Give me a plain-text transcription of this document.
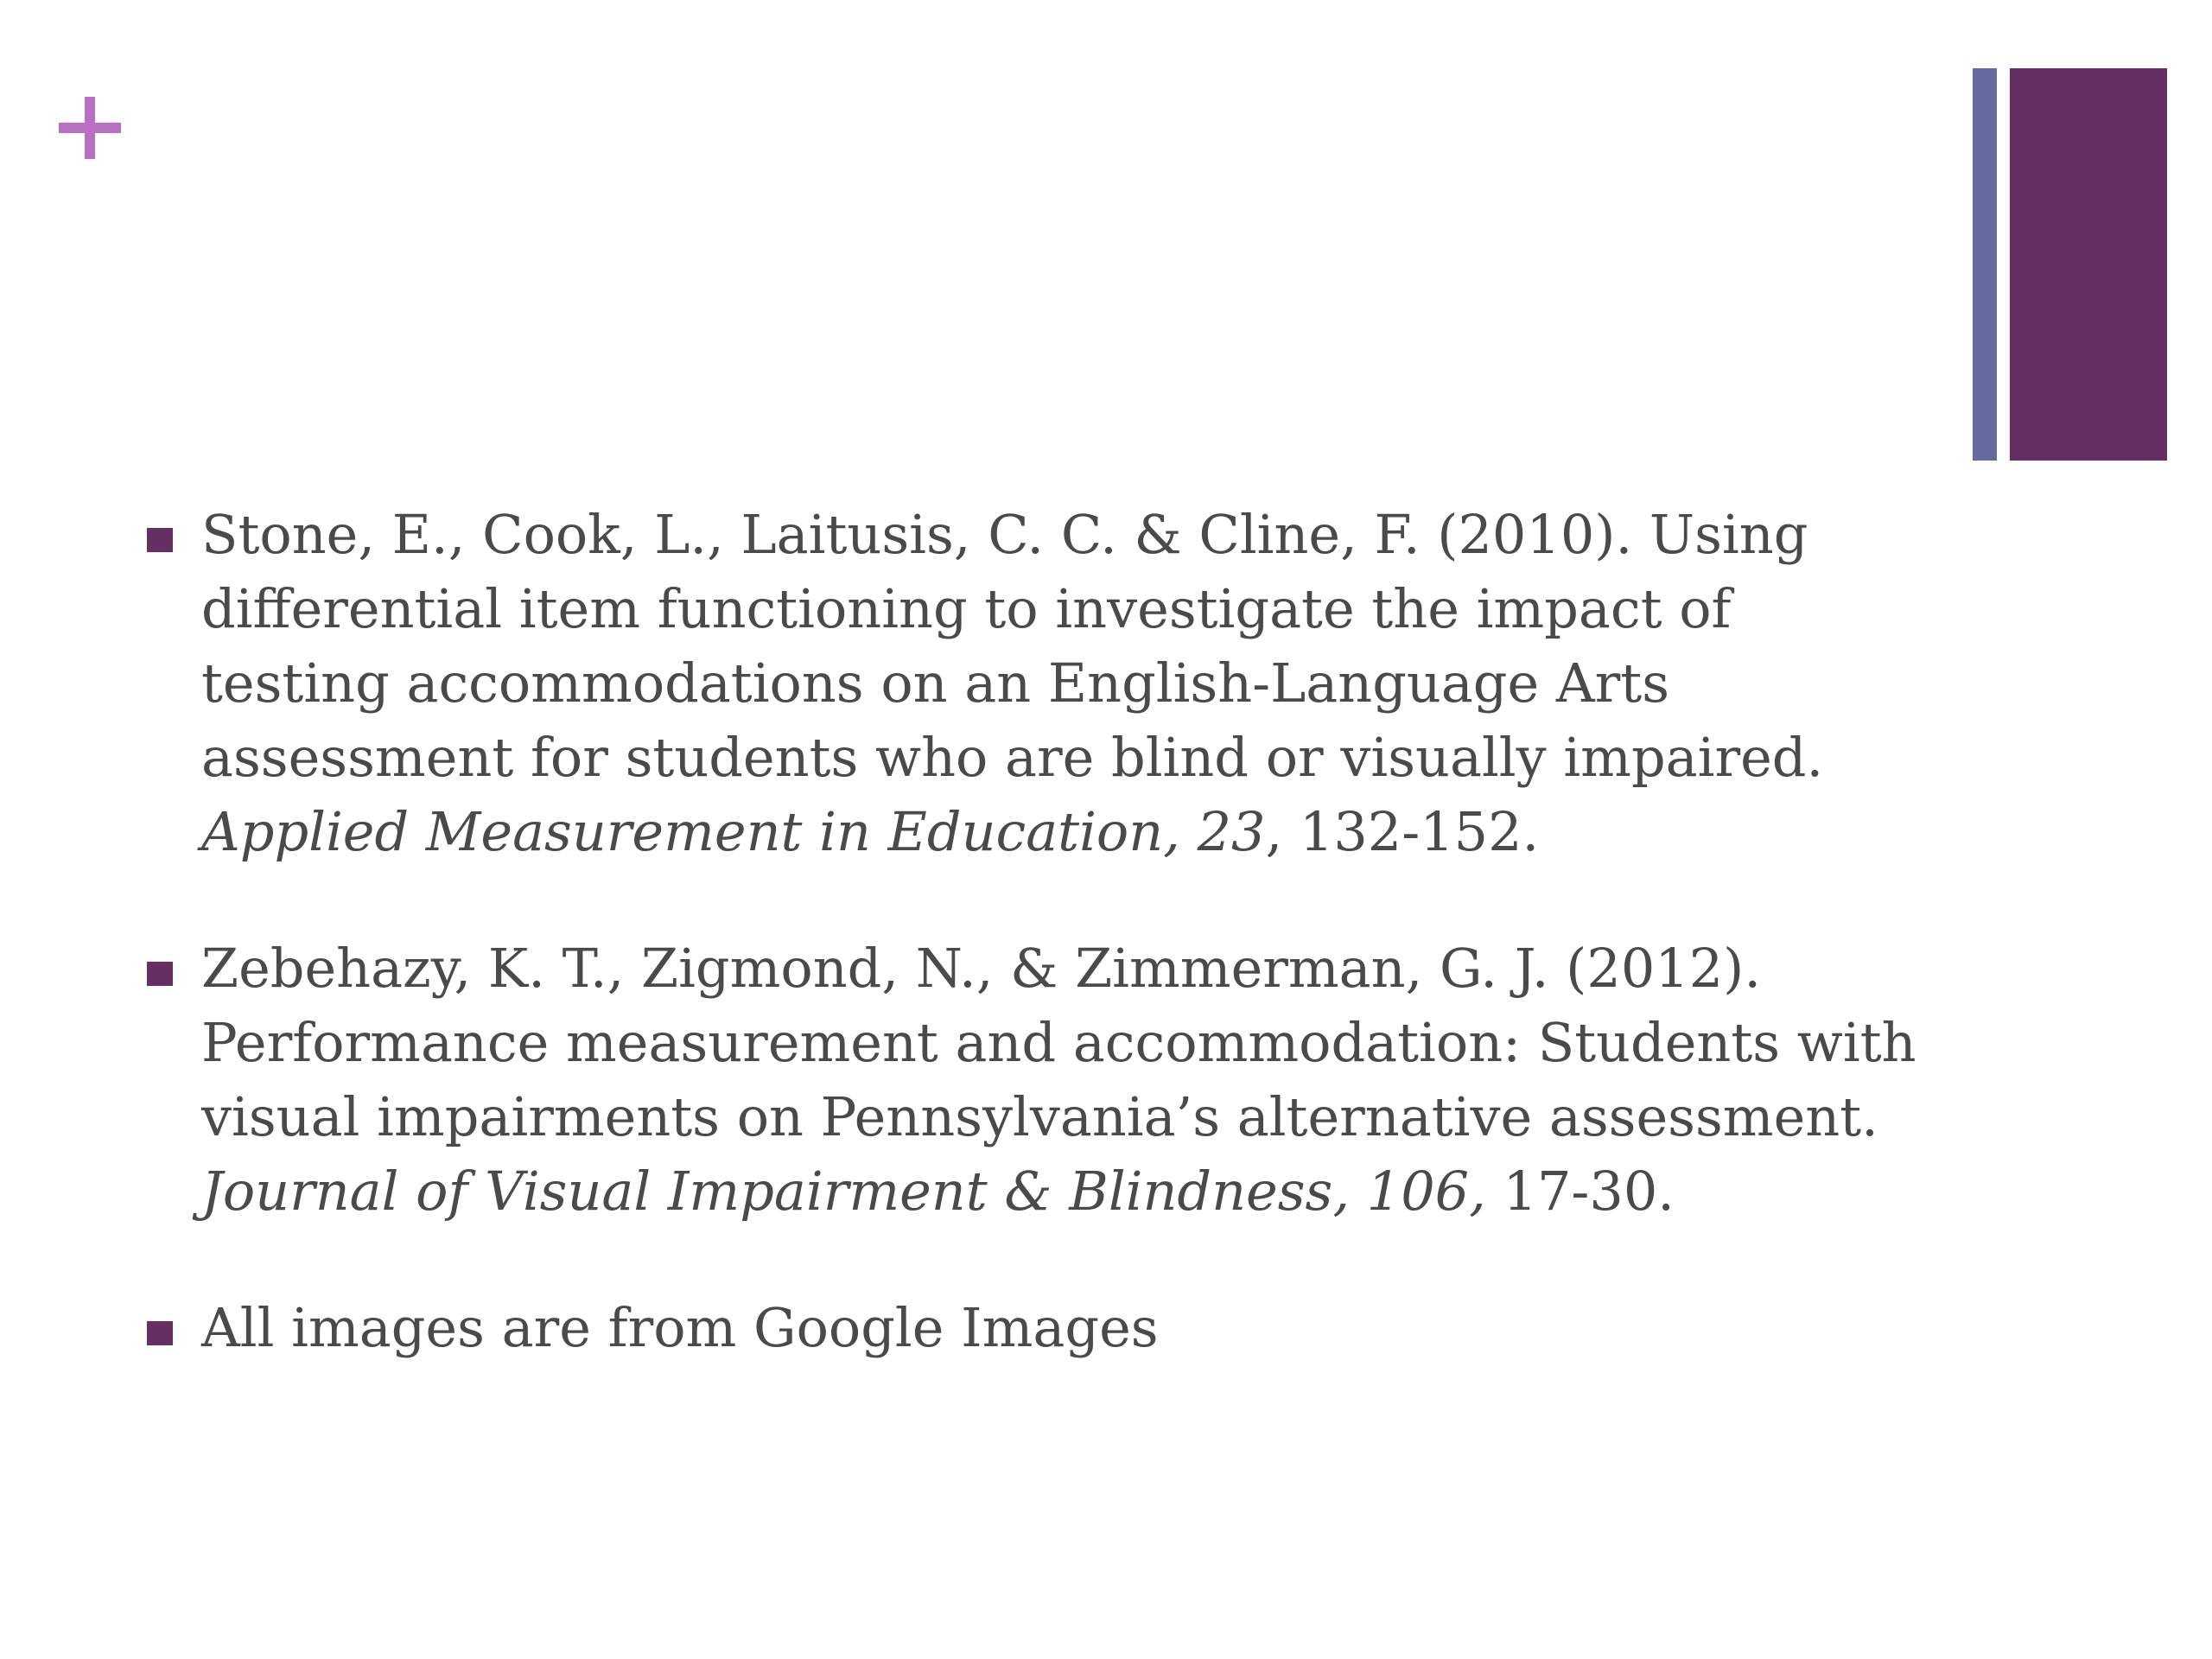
Stone, E., Cook, L., Laitusis, C. C. & Cline, F. (2010). Using differential item functioning to investigate the impact of testing accommodations on an English-Language Arts assessment for students who are blind or visually impaired. Applied Measurement in Education, 23, 132-152.
Zebehazy, K. T., Zigmond, N., & Zimmerman, G. J. (2012). Performance measurement and accommodation: Students with visual impairments on Pennsylvania’s alternative assessment. Journal of Visual Impairment & Blindness, 106, 17-30.
All images are from Google Images
